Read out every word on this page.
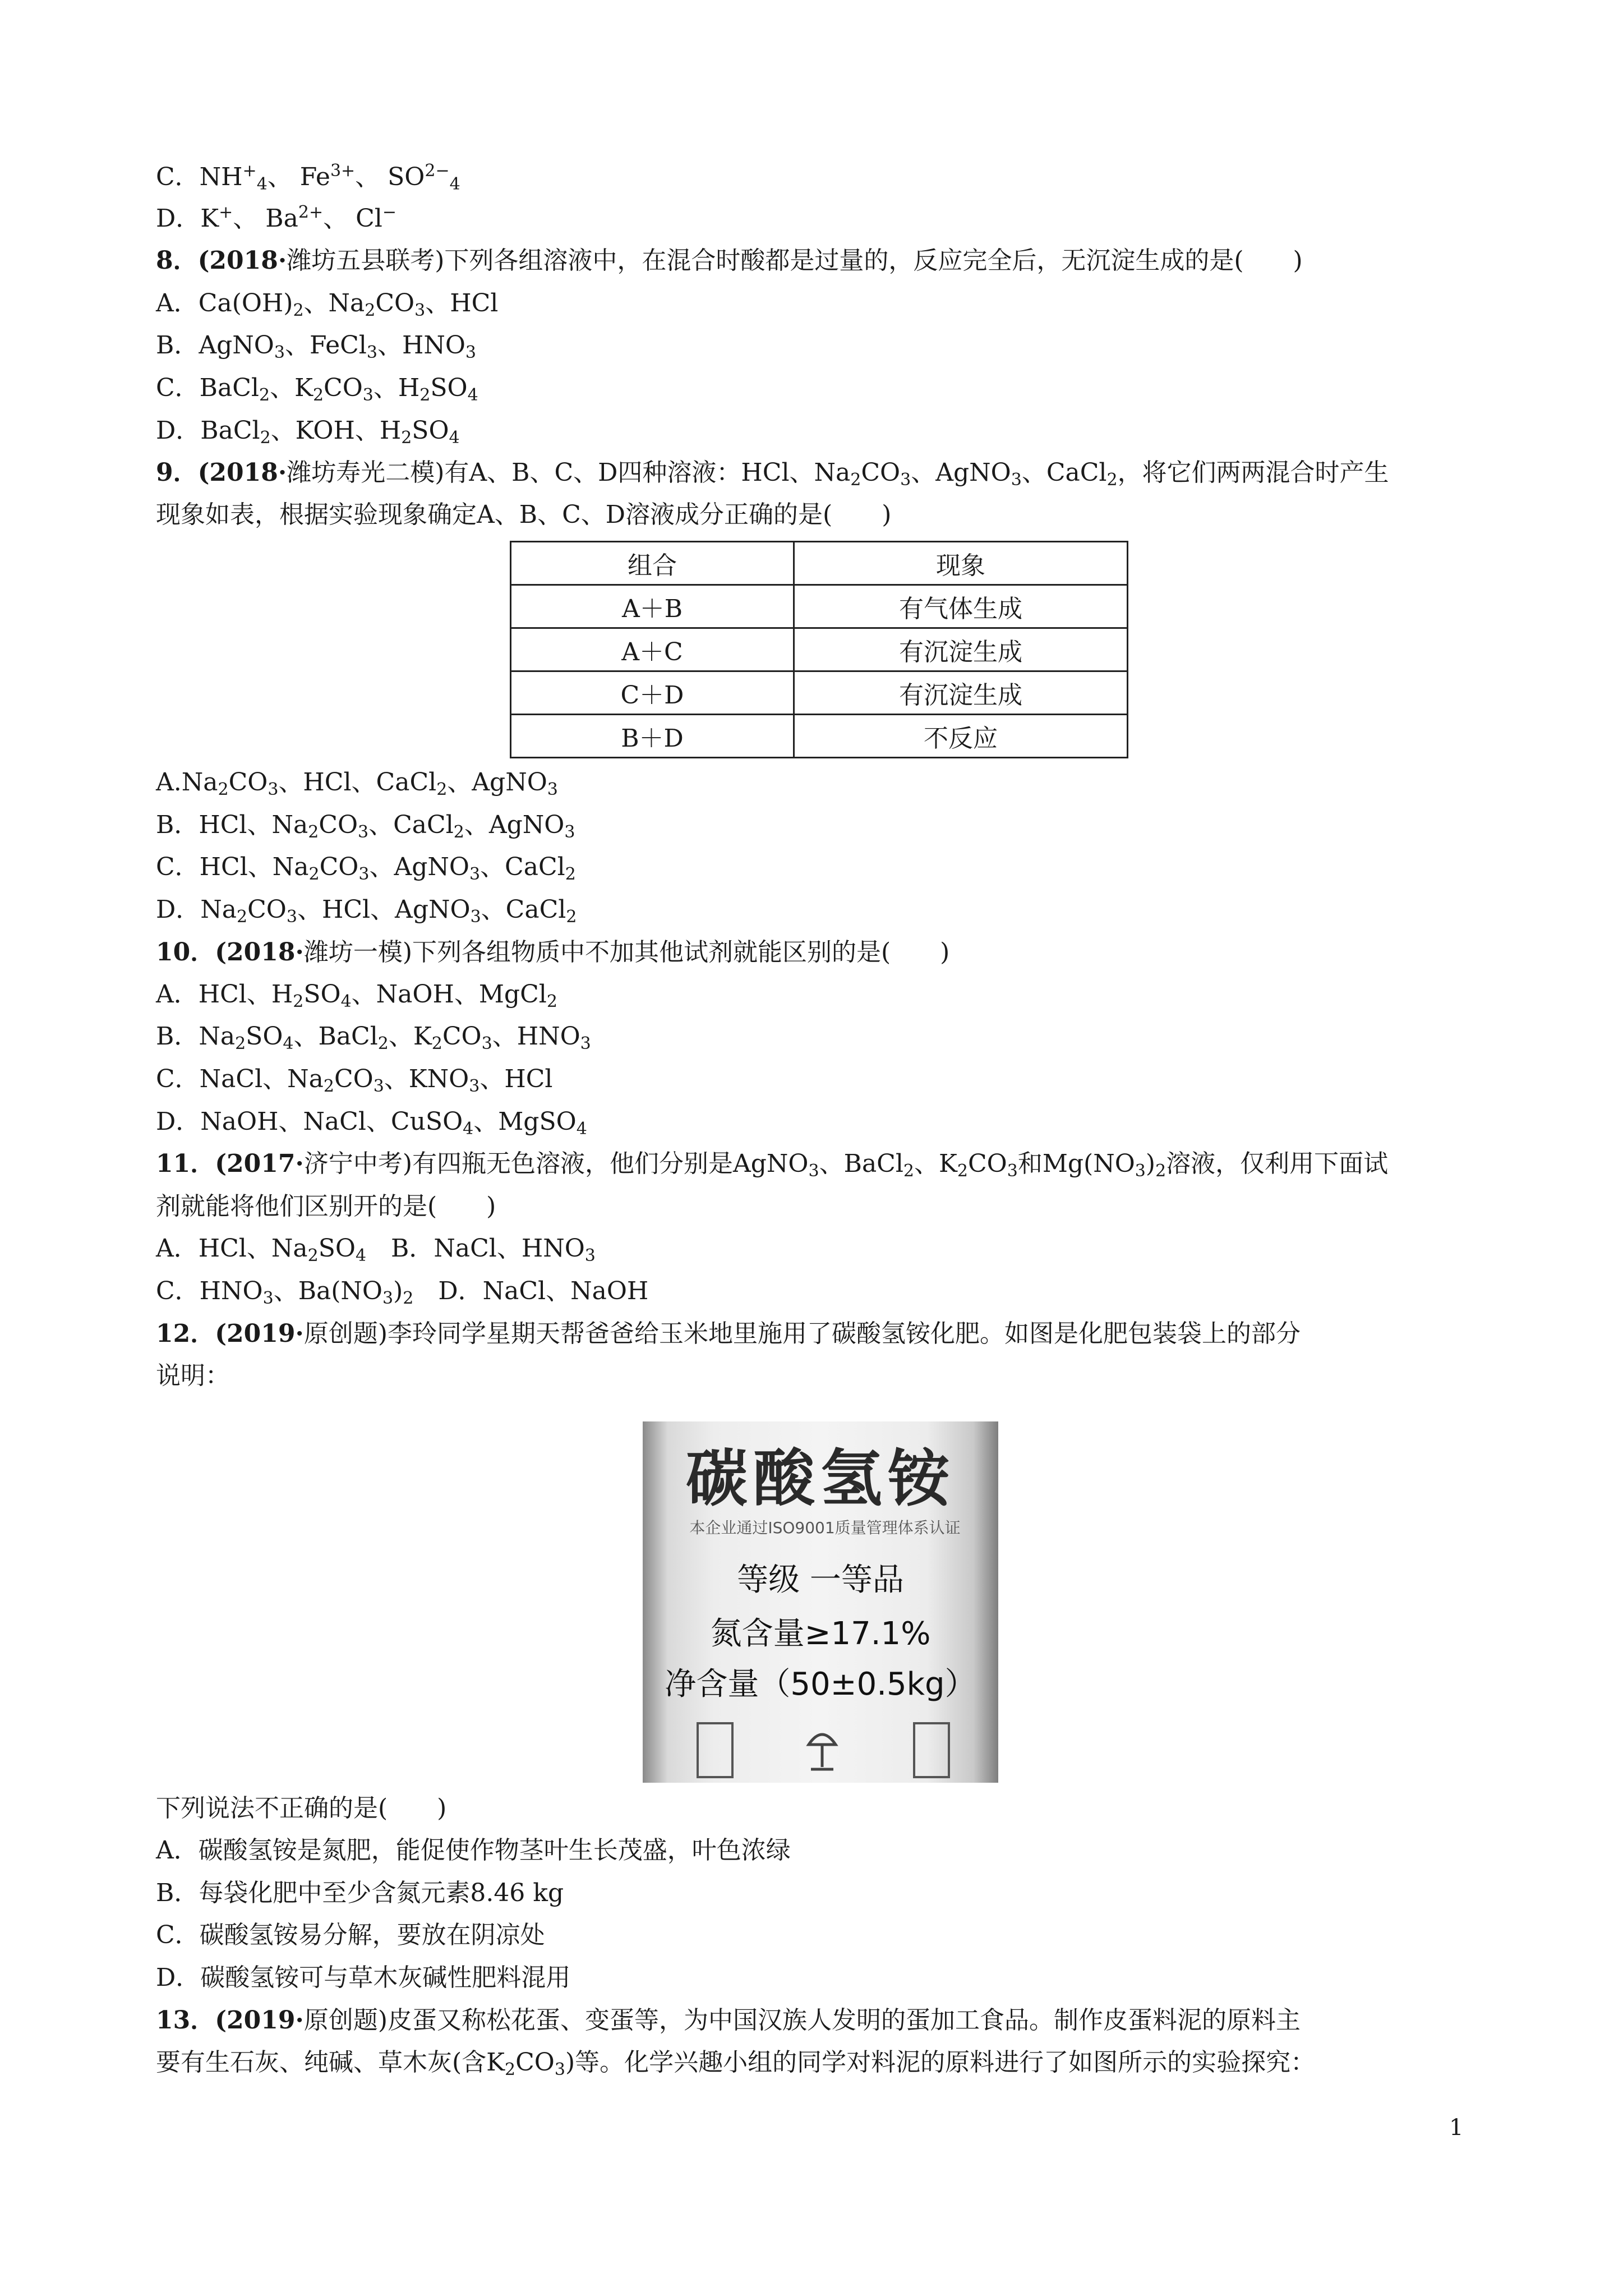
C．$NH^+_4$、 $Fe^{3+}$、 $SO^{2-}_4$
D．K+、 $Ba^{2+}$、 Cl−
8．(2018·潍坊五县联考)下列各组溶液中，在混合时酸都是过量的，反应完全后，无沉淀生成的是(　　)
A．$Ca(OH)_2$、$Na_2CO_3$、HCl
B．AgNO$_3$、FeCl$_3$、$HNO_3$
C．BaCl$_2$、$K_2CO_3$、$H_2SO_4$
D．BaCl$_2$、KOH、$H_2SO_4$
9．(2018·潍坊寿光二模)有A、B、C、D四种溶液：HCl、$Na_2CO_3$、AgNO$_3$、CaCl$_2$，将它们两两混合时产生
现象如表，根据实验现象确定A、B、C、D溶液成分正确的是(　　)
$A.Na_2CO_3$、HCl、CaCl$_2$、AgNO$_3$
B．HCl、$Na_2CO_3$、CaCl$_2$、AgNO$_3$
C．HCl、$Na_2CO_3$、AgNO$_3$、CaCl$_2$
D．$Na_2CO_3$、HCl、AgNO$_3$、CaCl$_2$
10．(2018·潍坊一模)下列各组物质中不加其他试剂就能区别的是(　　)
A．HCl、$H_2SO_4$、NaOH、MgCl$_2$
B．$Na_2SO_4$、BaCl$_2$、$K_2CO_3$、$HNO_3$
C．NaCl、$Na_2CO_3$、$KNO_3$、HCl
D．NaOH、NaCl、CuSO$_4$、MgSO$_4$
11．(2017·济宁中考)有四瓶无色溶液，他们分别是AgNO$_3$、BaCl$_2$、$K_2CO_3$和$Mg(NO_3)_2$溶液，仅利用下面试
剂就能将他们区别开的是(　　)
A．HCl、$Na_2SO_4$　B．NaCl、$HNO_3$
C．$HNO_3$、$Ba(NO_3)_2$　D．NaCl、NaOH
12．(2019·原创题)李玲同学星期天帮爸爸给玉米地里施用了碳酸氢铵化肥。如图是化肥包装袋上的部分
说明：
下列说法不正确的是(　　)
A．碳酸氢铵是氮肥，能促使作物茎叶生长茂盛，叶色浓绿
B．每袋化肥中至少含氮元素8.46 kg
C．碳酸氢铵易分解，要放在阴凉处
D．碳酸氢铵可与草木灰碱性肥料混用
13．(2019·原创题)皮蛋又称松花蛋、变蛋等，为中国汉族人发明的蛋加工食品。制作皮蛋料泥的原料主
要有生石灰、纯碱、草木灰(含$K_2CO_3$)等。化学兴趣小组的同学对料泥的原料进行了如图所示的实验探究：
组合	现象
A＋B	有气体生成
A＋C	有沉淀生成
C＋D	有沉淀生成
B＋D	不反应
碳酸氢铵
本企业通过ISO9001质量管理体系认证
等级 一等品
氮含量≥17.1%
净含量（50±0.5kg）
1
